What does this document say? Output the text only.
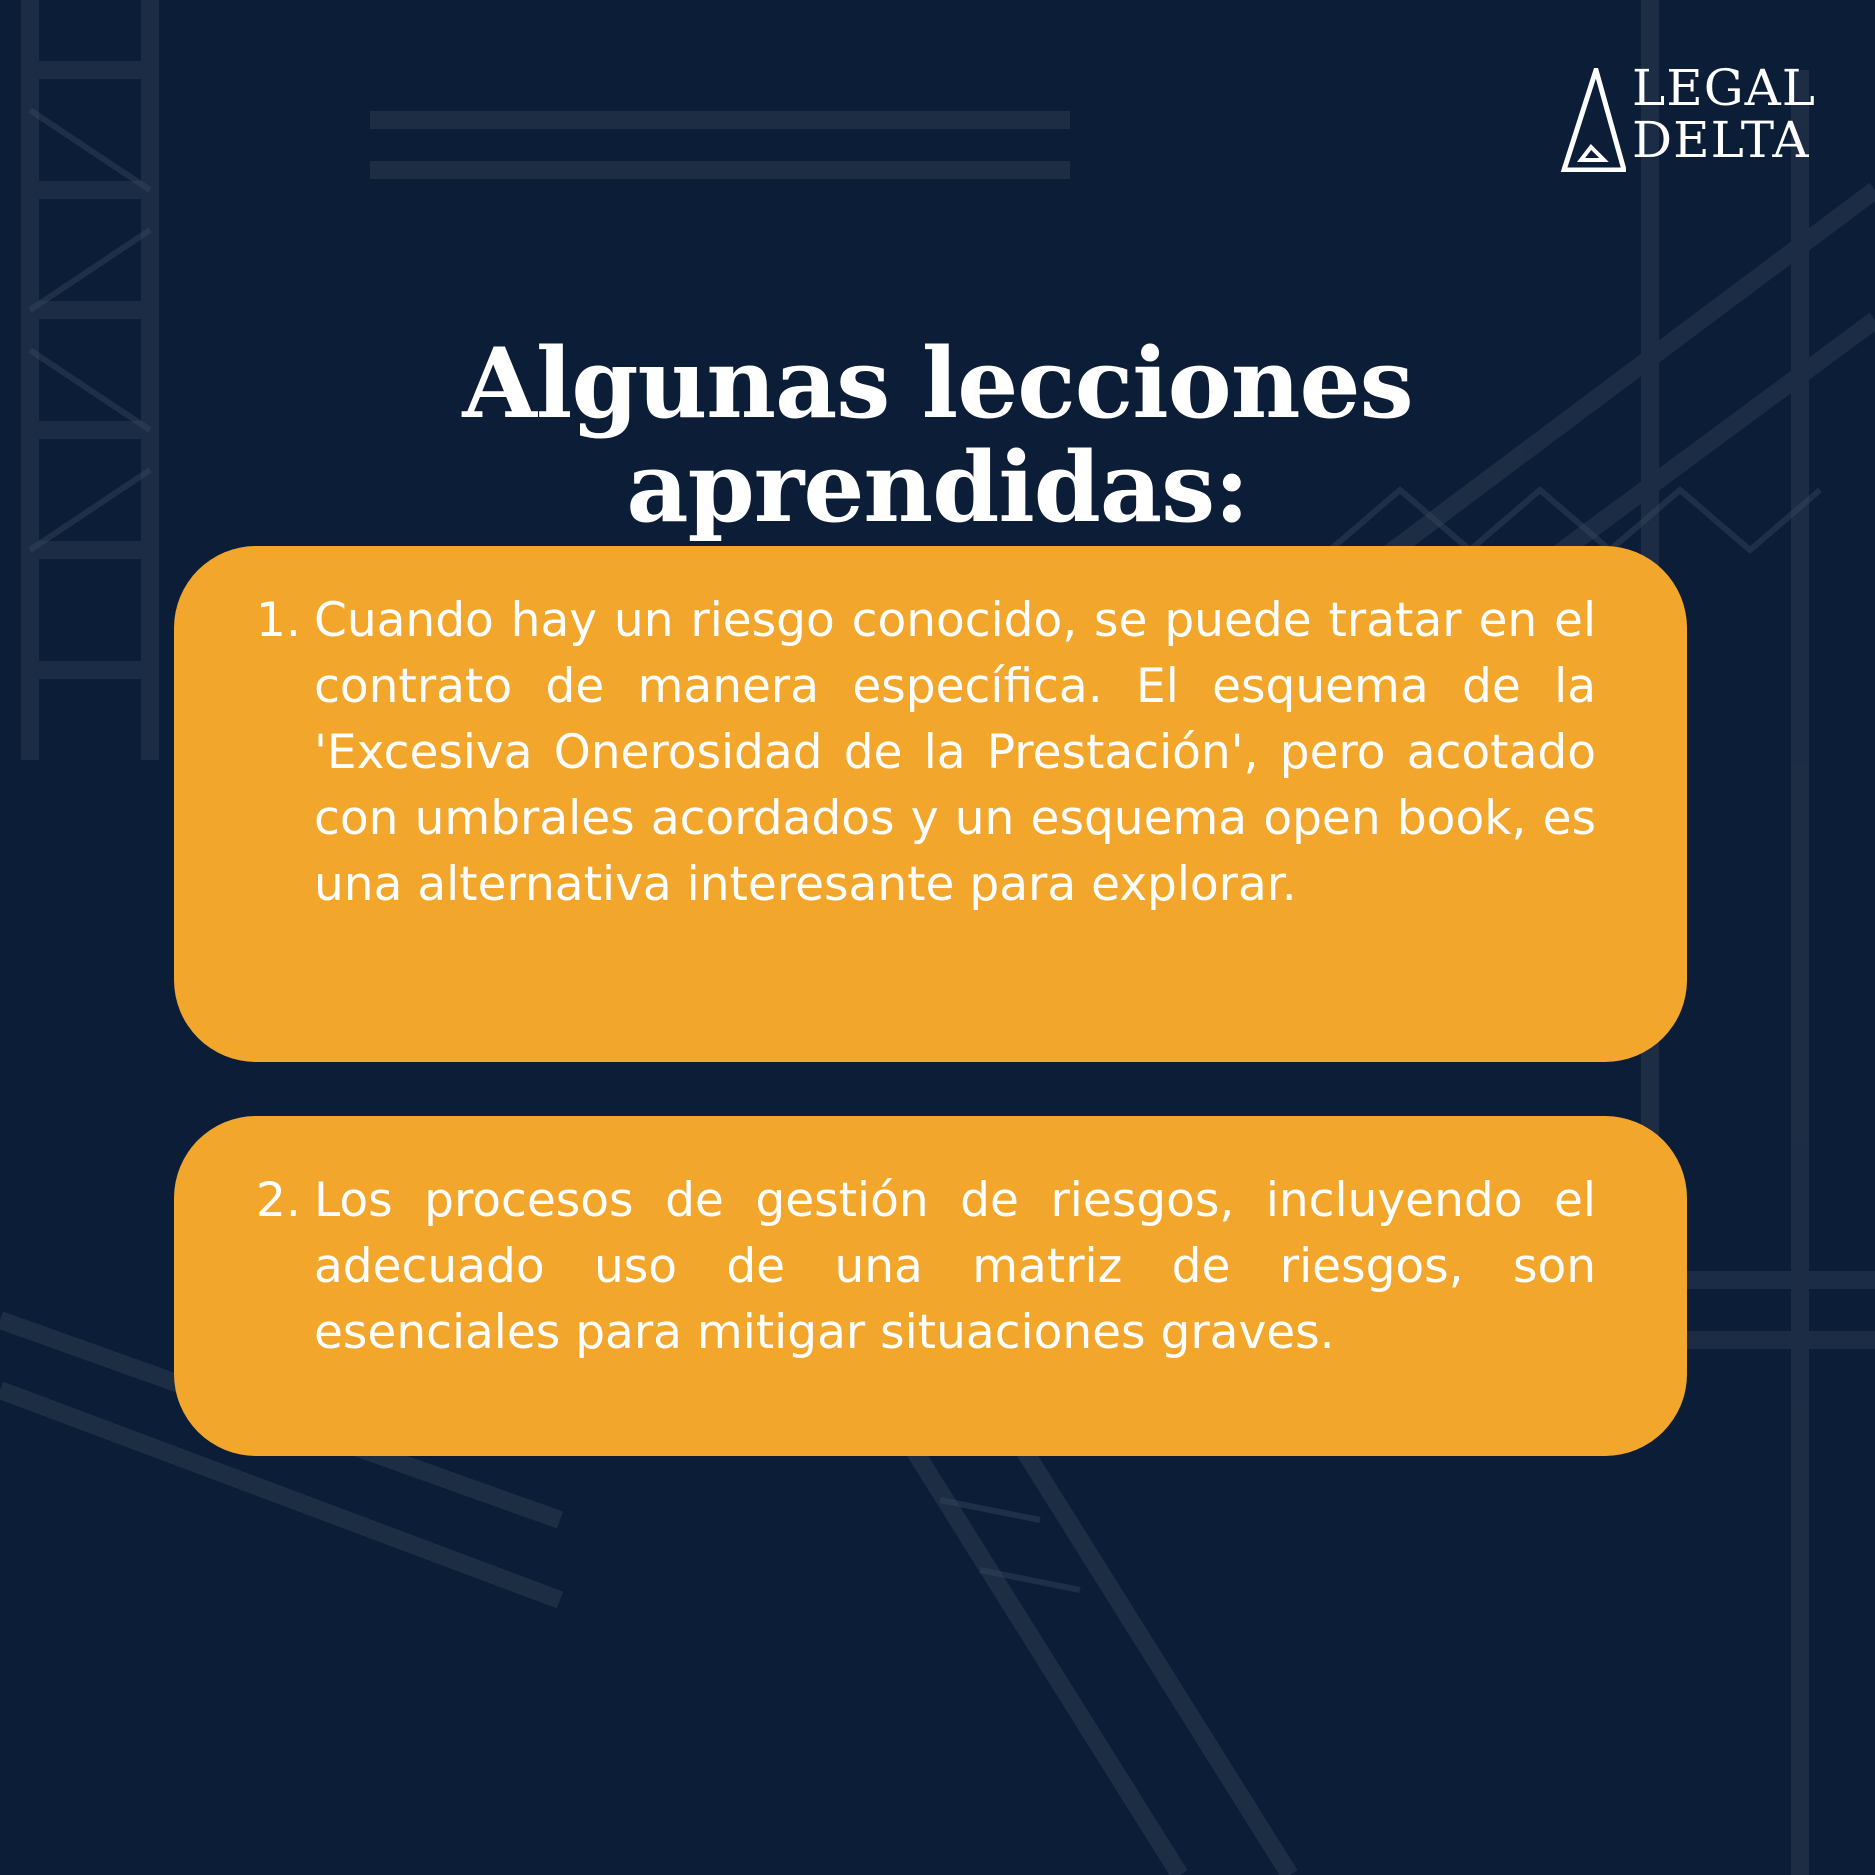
LEGAL
DELTA
Algunas lecciones
aprendidas:
1. Cuando hay un riesgo conocido, se puede tratar en el contrato de manera específica. El esquema de la 'Excesiva Onerosidad de la Prestación', pero acotado con umbrales acordados y un esquema open book, es una alternativa interesante para explorar.
2. Los procesos de gestión de riesgos, incluyendo el adecuado uso de una matriz de riesgos, son esenciales para mitigar situaciones graves.
